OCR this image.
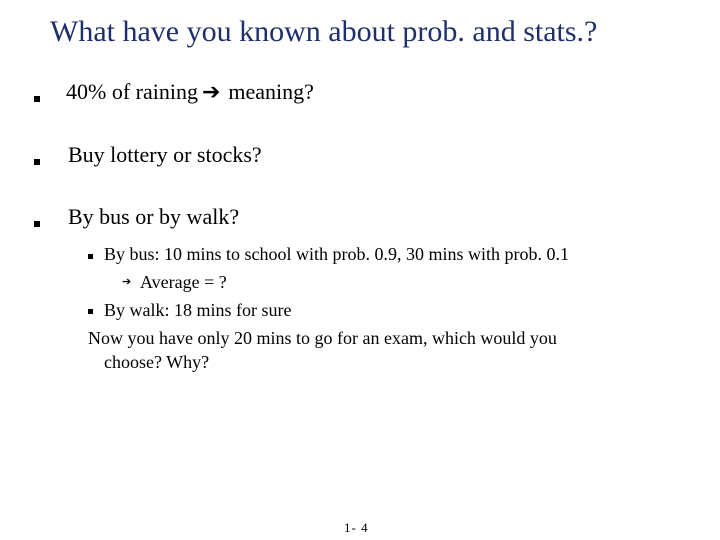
What have you known about prob. and stats.?
40% of raining ➔ meaning?
Buy lottery or stocks?
By bus or by walk?
By bus: 10 mins to school with prob. 0.9, 30 mins with prob. 0.1
➔ Average = ?
By walk: 18 mins for sure
Now you have only 20 mins to go for an exam, which would you
choose? Why?
1- 4
